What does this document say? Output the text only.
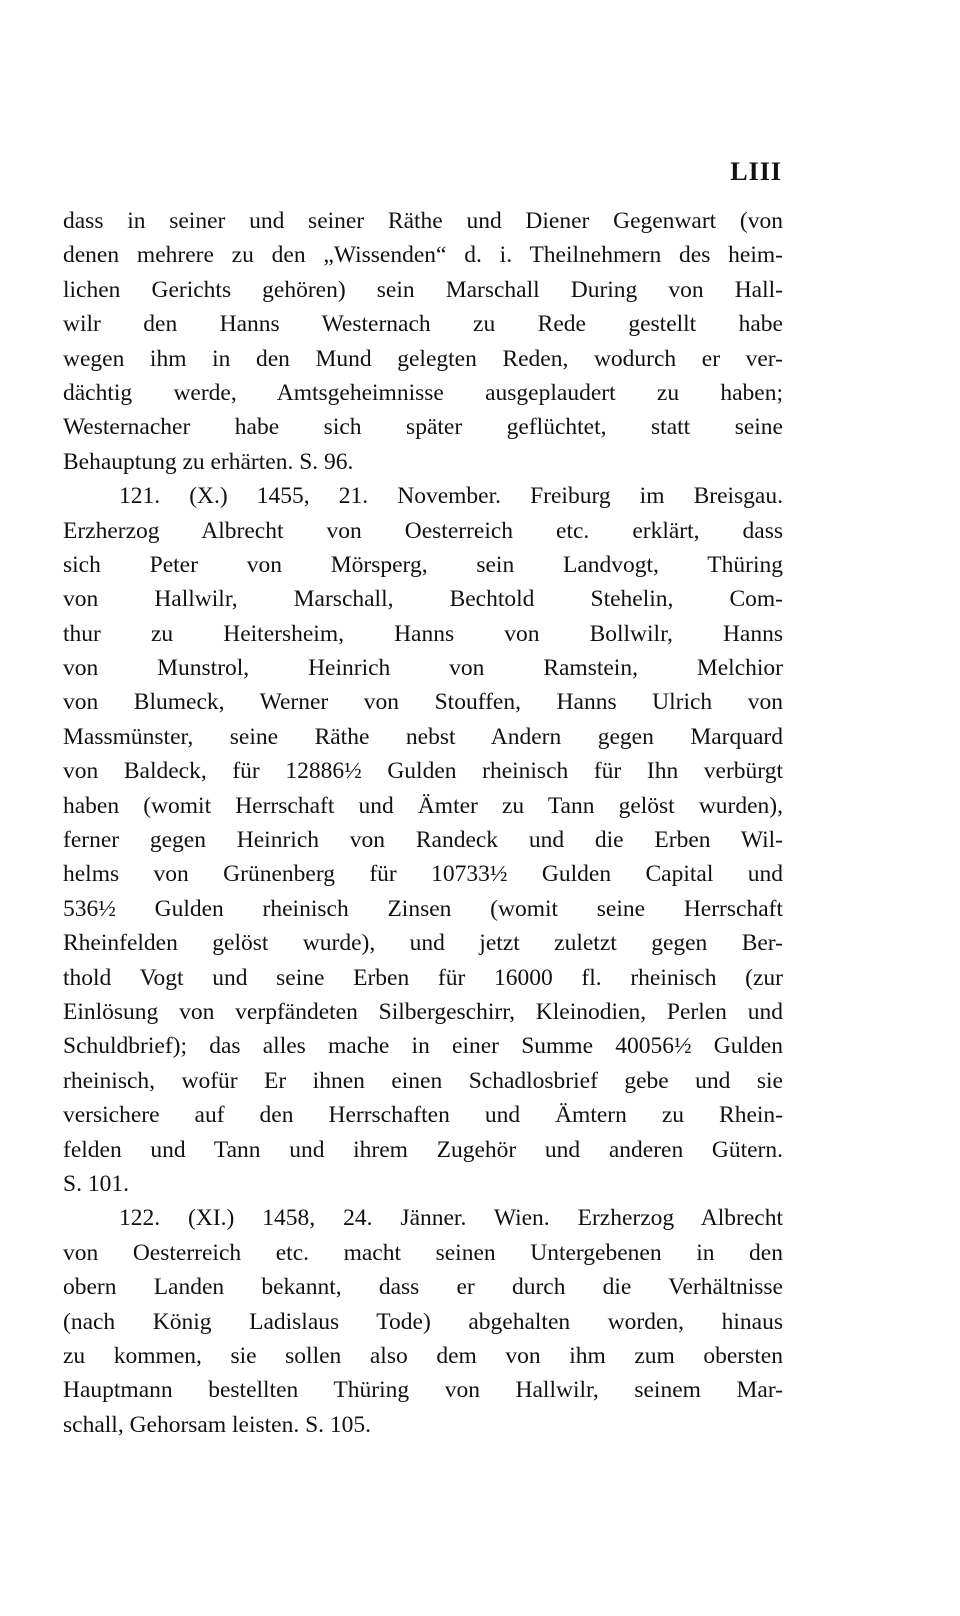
LIII
dass in seiner und seiner Räthe und Diener Gegenwart (von
denen mehrere zu den „Wissenden“ d. i. Theilnehmern des heim-
lichen Gerichts gehören) sein Marschall During von Hall-
wilr den Hanns Westernach zu Rede gestellt habe
wegen ihm in den Mund gelegten Reden, wodurch er ver-
dächtig werde, Amtsgeheimnisse ausgeplaudert zu haben;
Westernacher habe sich später geflüchtet, statt seine
Behauptung zu erhärten. S. 96.
121. (X.) 1455, 21. November. Freiburg im Breisgau.
Erzherzog Albrecht von Oesterreich etc. erklärt, dass
sich Peter von Mörsperg, sein Landvogt, Thüring
von Hallwilr, Marschall, Bechtold Stehelin, Com-
thur zu Heitersheim, Hanns von Bollwilr, Hanns
von Munstrol, Heinrich von Ramstein, Melchior
von Blumeck, Werner von Stouffen, Hanns Ulrich von
Massmünster, seine Räthe nebst Andern gegen Marquard
von Baldeck, für 12886½ Gulden rheinisch für Ihn verbürgt
haben (womit Herrschaft und Ämter zu Tann gelöst wurden),
ferner gegen Heinrich von Randeck und die Erben Wil-
helms von Grünenberg für 10733½ Gulden Capital und
536½ Gulden rheinisch Zinsen (womit seine Herrschaft
Rheinfelden gelöst wurde), und jetzt zuletzt gegen Ber-
thold Vogt und seine Erben für 16000 fl. rheinisch (zur
Einlösung von verpfändeten Silbergeschirr, Kleinodien, Perlen und
Schuldbrief); das alles mache in einer Summe 40056½ Gulden
rheinisch, wofür Er ihnen einen Schadlosbrief gebe und sie
versichere auf den Herrschaften und Ämtern zu Rhein-
felden und Tann und ihrem Zugehör und anderen Gütern.
S. 101.
122. (XI.) 1458, 24. Jänner. Wien. Erzherzog Albrecht
von Oesterreich etc. macht seinen Untergebenen in den
obern Landen bekannt, dass er durch die Verhältnisse
(nach König Ladislaus Tode) abgehalten worden, hinaus
zu kommen, sie sollen also dem von ihm zum obersten
Hauptmann bestellten Thüring von Hallwilr, seinem Mar-
schall, Gehorsam leisten. S. 105.
